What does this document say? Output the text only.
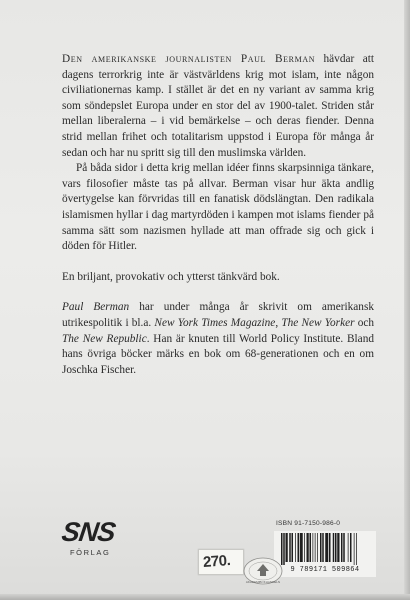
Den amerikanske journalisten Paul Berman hävdar att dagens terrorkrig inte är västvärldens krig mot islam, inte någon civiliationernas kamp. I stället är det en ny variant av samma krig som söndерslet Europa under en stor del av 1900-talet. Striden står mellan liberalerna – i vid bemärkelse – och deras fiender. Denna strid mellan frihet och totalitarism uppstod i Europa för många år sedan och har nu spritt sig till den muslimska världen.

På båda sidor i detta krig mellan idéer finns skarpsinniga tänkare, vars filosofier måste tas på allvar. Berman visar hur äkta andlig övertygelse kan förvridas till en fanatisk dödslängtan. Den radikala islamismen hyllar i dag martyrdöden i kampen mot islams fiender på samma sätt som nazismen hyllade att man offrade sig och gick i döden för Hitler.

En briljant, provokativ och ytterst tänkvärd bok.

Paul Berman har under många år skrivit om amerikansk utrikespolitik i bl.a. New York Times Magazine, The New Yorker och The New Republic. Han är knuten till World Policy Institute. Bland hans övriga böcker märks en bok om 68-generationen och en om Joschka Fischer.

SNS
FÖRLAG
ISBN 91-7150-986-0
9 789171 509864
270.
AKADEMIBOKHANDELN
